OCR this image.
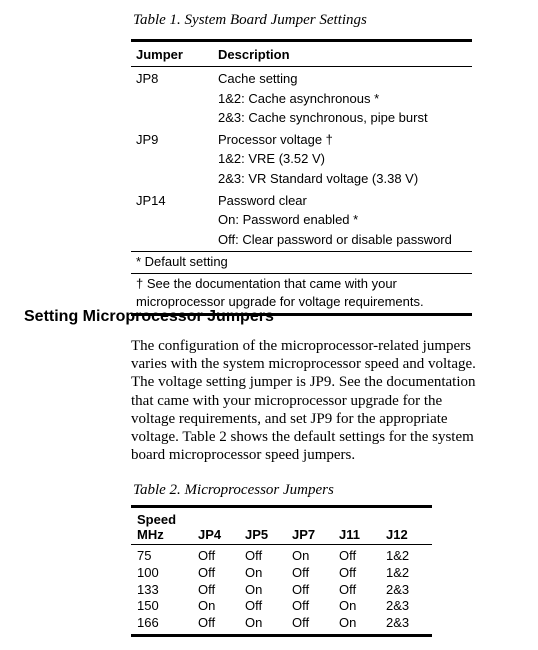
Table 1. System Board Jumper Settings
Jumper	Description
JP8	Cache setting
1&2: Cache asynchronous *
2&3: Cache synchronous, pipe burst
JP9	Processor voltage †
1&2: VRE (3.52 V)
2&3: VR Standard voltage (3.38 V)
JP14	Password clear
On: Password enabled *
Off: Clear password or disable password
* Default setting
† See the documentation that came with your
microprocessor upgrade for voltage requirements.
Setting Microprocessor Jumpers
The configuration of the microprocessor-related jumpers
varies with the system microprocessor speed and voltage.
The voltage setting jumper is JP9. See the documentation
that came with your microprocessor upgrade for the
voltage requirements, and set JP9 for the appropriate
voltage. Table 2 shows the default settings for the system
board microprocessor speed jumpers.
Table 2. Microprocessor Jumpers
Speed
MHz	JP4	JP5	JP7	J11	J12
75	Off	Off	On	Off	1&2
100	Off	On	Off	Off	1&2
133	Off	On	Off	Off	2&3
150	On	Off	Off	On	2&3
166	Off	On	Off	On	2&3
